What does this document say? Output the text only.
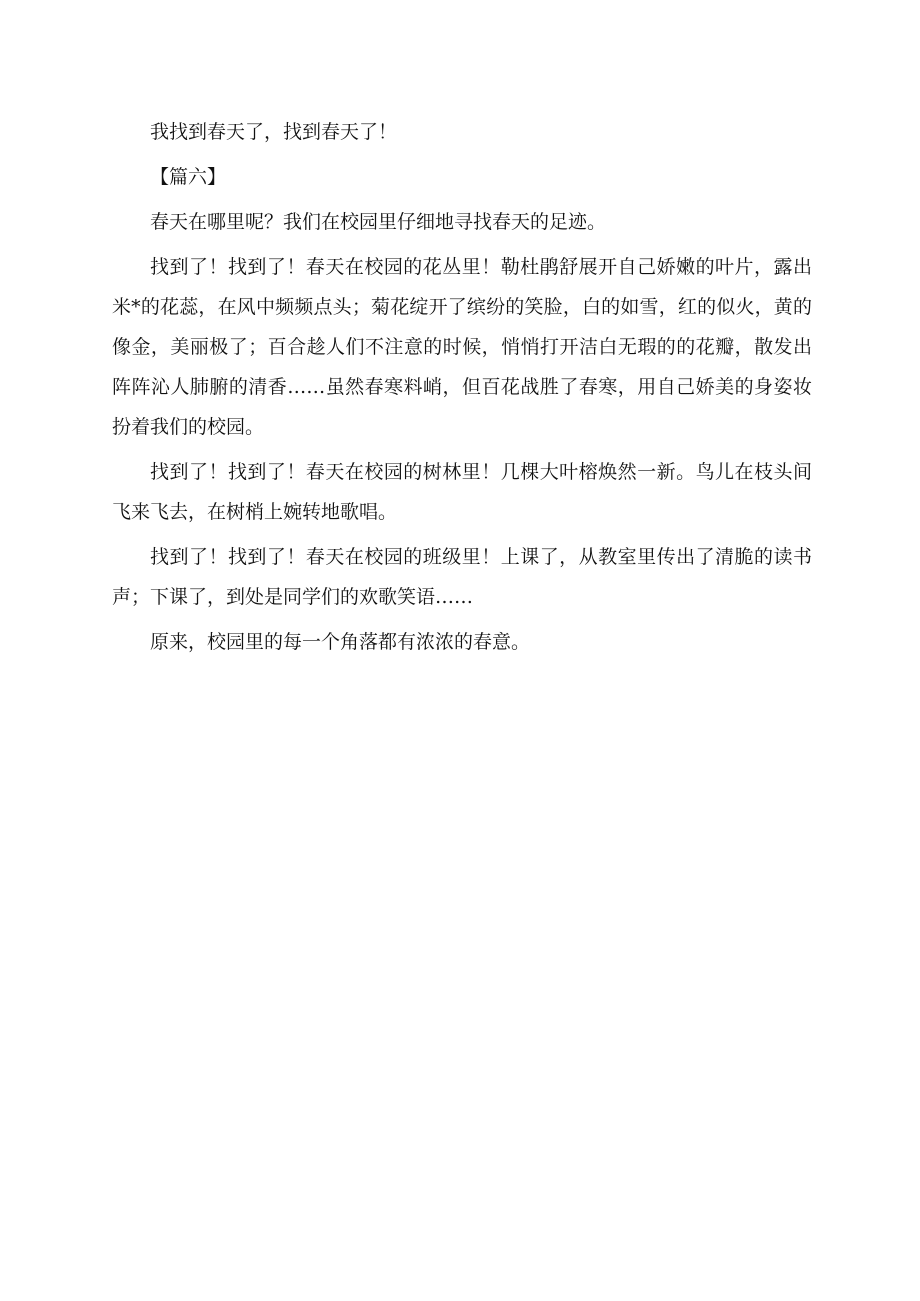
我找到春天了，找到春天了！

【篇六】

春天在哪里呢？我们在校园里仔细地寻找春天的足迹。

找到了！找到了！春天在校园的花丛里！勒杜鹃舒展开自己娇嫩的叶片，露出米*的花蕊，在风中频频点头；菊花绽开了缤纷的笑脸，白的如雪，红的似火，黄的像金，美丽极了；百合趁人们不注意的时候，悄悄打开洁白无瑕的的花瓣，散发出阵阵沁人肺腑的清香……虽然春寒料峭，但百花战胜了春寒，用自己娇美的身姿妆扮着我们的校园。

找到了！找到了！春天在校园的树林里！几棵大叶榕焕然一新。鸟儿在枝头间飞来飞去，在树梢上婉转地歌唱。

找到了！找到了！春天在校园的班级里！上课了，从教室里传出了清脆的读书声；下课了，到处是同学们的欢歌笑语……

原来，校园里的每一个角落都有浓浓的春意。
